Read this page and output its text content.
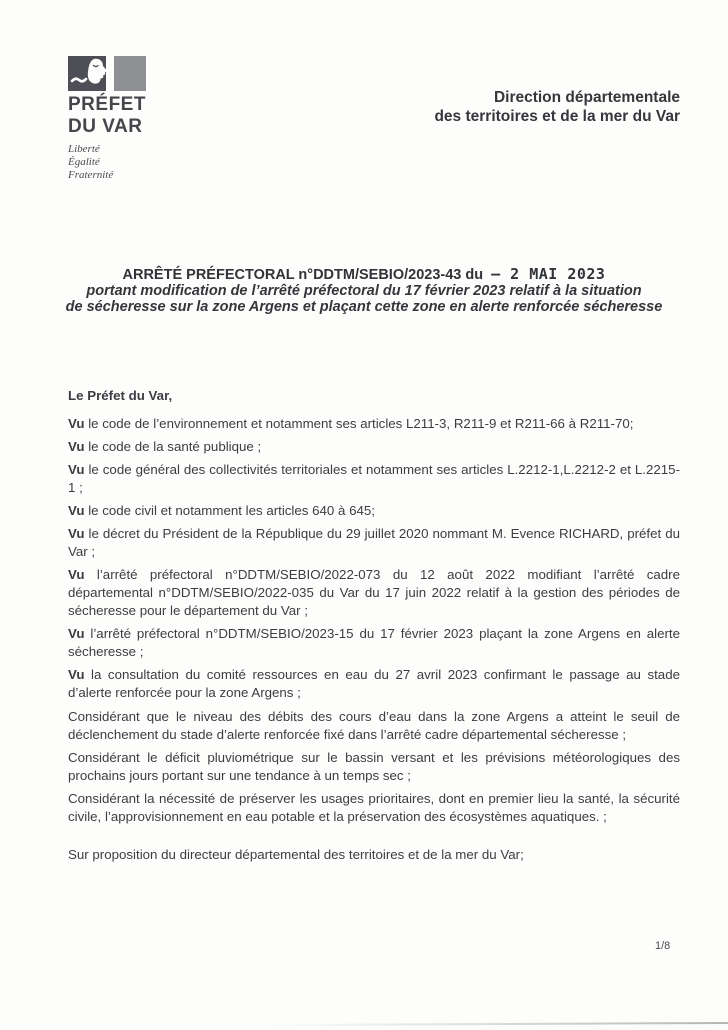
PRÉFET
DU VAR
Liberté
Égalité
Fraternité
Direction départementale
des territoires et de la mer du Var
ARRÊTÉ PRÉFECTORAL n°DDTM/SEBIO/2023-43 du – 2 MAI 2023
portant modification de l’arrêté préfectoral du 17 février 2023 relatif à la situation
de sécheresse sur la zone Argens et plaçant cette zone en alerte renforcée sécheresse

Le Préfet du Var,

Vu le code de l’environnement et notamment ses articles L211-3, R211-9 et R211-66 à R211-70;

Vu le code de la santé publique ;

Vu le code général des collectivités territoriales et notamment ses articles L.2212-1,L.2212-2 et L.2215-1 ;

Vu le code civil et notamment les articles 640 à 645;

Vu le décret du Président de la République du 29 juillet 2020 nommant M. Evence RICHARD, préfet du Var ;

Vu l’arrêté préfectoral n°DDTM/SEBIO/2022-073 du 12 août 2022 modifiant l’arrêté cadre départemental n°DDTM/SEBIO/2022-035 du Var du 17 juin 2022 relatif à la gestion des périodes de sécheresse pour le département du Var ;

Vu l’arrêté préfectoral n°DDTM/SEBIO/2023-15 du 17 février 2023 plaçant la zone Argens en alerte sécheresse ;

Vu la consultation du comité ressources en eau du 27 avril 2023 confirmant le passage au stade d’alerte renforcée pour la zone Argens ;

Considérant que le niveau des débits des cours d’eau dans la zone Argens a atteint le seuil de déclenchement du stade d’alerte renforcée fixé dans l’arrêté cadre départemental sécheresse ;

Considérant le déficit pluviométrique sur le bassin versant et les prévisions météorologiques des prochains jours portant sur une tendance à un temps sec ;

Considérant la nécessité de préserver les usages prioritaires, dont en premier lieu la santé, la sécurité civile, l’approvisionnement en eau potable et la préservation des écosystèmes aquatiques. ;

Sur proposition du directeur départemental des territoires et de la mer du Var;

1/8
